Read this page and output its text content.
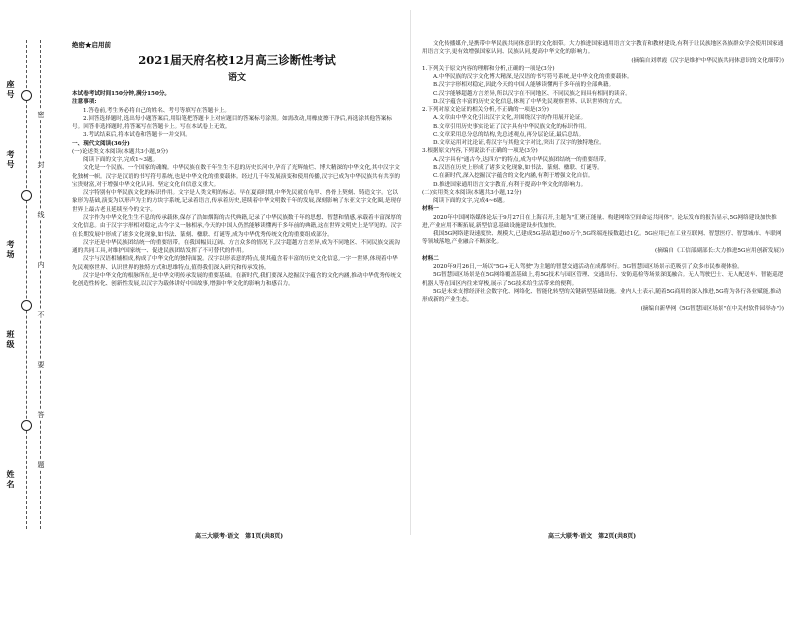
姓名
班级
考场
考号
座号
密
封
线
内
不
要
答
题
绝密★启用前
2021届天府名校12月高三诊断性考试
语文

本试卷考试时间150分钟,满分150分。

注意事项:

1.答卷前,考生务必将自己的姓名、考号等填写在答题卡上。

2.回答选择题时,选出每小题答案后,用铅笔把答题卡上对应题目的答案标号涂黑。如需改动,用橡皮擦干净后,再选涂其他答案标号。回答非选择题时,将答案写在答题卡上。写在本试卷上无效。

3.考试结束后,将本试卷和答题卡一并交回。

一、现代文阅读(36分)

(一)论述类文本阅读(本题共3小题,9分)

阅读下面的文字,完成1~3题。

文化是一个民族、一个国家的魂魄。中华民族在数千年生生不息的历史长河中,孕育了光辉灿烂、博大精深的中华文化,其中汉字文化独树一帜。汉字是汉语的书写符号系统,也是中华文化的重要载体。经过几千年发展演变和使用传播,汉字已成为中华民族共有共享的宝贵财富,对于增强中华文化认同、坚定文化自信意义重大。

汉字特别有中华民族文化的标识作用。文字是人类文明的标志。早在夏商时期,中华先民就在龟甲、兽骨上契刻、铸造文字。它以象形为基础,演变为以形声为主的方块字系统,记录着语言,传承着历史,延续着中华文明数千年的发展,深刻影响了东亚文字文化圈,是现存世界上最古老且延续至今的文字。

汉字作为中华文化生生不息的传承载体,保存了浩如烟海的古代典籍,记录了中华民族数千年的思想、智慧和情感,承载着丰富深厚的文化信息。由于汉字字形相对稳定,古今字义一脉相承,今天的中国人仍然能够读懂两千多年前的典籍,这在世界文明史上是罕见的。汉字在长期发展中形成了诸多文化现象,如书法、篆刻、楹联、灯谜等,成为中华优秀传统文化的重要组成部分。

汉字还是中华民族团结统一的重要纽带。在我国幅员辽阔、方言众多的情况下,汉字超越方言差异,成为不同地区、不同民族交流沟通的共同工具,对维护国家统一、促进民族团结发挥了不可替代的作用。

汉字与汉语相辅相成,构成了中华文化的独特面貌。汉字以形表意的特点,使其蕴含着丰富的历史文化信息,一字一世界,体现着中华先民观察世界、认识世界的独特方式和思维特点,值得我们深入研究和传承发扬。

汉字是中华文化的根脉所在,是中华文明传承发展的重要基础。在新时代,我们要深入挖掘汉字蕴含的文化内涵,推动中华优秀传统文化创造性转化、创新性发展,以汉字为载体讲好中国故事,增强中华文化的影响力和感召力。

文化传播媒介,是携带中华民族共同体意识的文化细带。大力推进国家通用语言文字教育和教材建设,有利于让民族地区各族群众学会使用国家通用语言文字,更有效增强国家认同、民族认同,提高中华文化的影响力。

(摘编自刘翠霞《汉字是维护中华民族共同体意识的文化细带》)

1.下列关于原文内容的理解和分析,正确的一项是(3分)

A.中华民族的汉字文化博大精深,是汉语的书写符号系统,是中华文化的重要载体。

B.汉字字形相对稳定,因此今天的中国人能够读懂两千多年前的全部典籍。

C.汉字能够超越方言差异,所以汉字在不同地区、不同民族之间具有相同的读音。

D.汉字蕴含丰富的历史文化信息,体现了中华先民观察世界、认识世界的方式。

2.下列对原文论证的相关分析,不正确的一项是(3分)

A.文章由中华文化引出汉字文化,并围绕汉字的作用展开论证。

B.文章引用历史事实论证了汉字具有中华民族文化的标识作用。

C.文章采用总分总的结构,先总述观点,再分层论证,最后总结。

D.文章运用对比论证,将汉字与其他文字对比,突出了汉字的独特地位。

3.根据原文内容,下列说法不正确的一项是(3分)

A.汉字具有"通古今,达四方"的特点,成为中华民族团结统一的重要纽带。

B.汉语在历史上形成了诸多文化现象,如书法、篆刻、楹联、灯谜等。

C.在新时代,深入挖掘汉字蕴含的文化内涵,有利于增强文化自信。

D.推进国家通用语言文字教育,有利于提高中华文化的影响力。

(二)实用类文本阅读(本题共3小题,12分)

阅读下面的文字,完成4~6题。

材料一

2020年中国网络媒体论坛于9月27日在上海召开,主题为"汇聚正能量、构建网络空间命运共同体"。论坛发布的报告显示,5G网络建设加快推进,产业应用不断拓展,新型信息基础设施建设步伐加快。

我国5G网络建设速度快、规模大,已建成5G基站超过60万个,5G终端连接数超过1亿。5G应用已在工业互联网、智慧医疗、智慧城市、车联网等领域落地,产业融合不断深化。

(摘编自《工信部副部长:大力推进5G应用创新发展》)

材料二

2020年9月26日,一场以"5G+无人驾驶"为主题的智慧交通活动在成都举行。5G智慧园区场景示范吸引了众多市民参观体验。

5G智慧园区场景是在5G网络覆盖基础上,将5G技术与园区管理、交通出行、安防巡检等场景深度融合。无人驾驶巴士、无人配送车、智能巡逻机器人等在园区内往来穿梭,展示了5G技术给生活带来的便利。

5G是未来支撑经济社会数字化、网络化、智能化转型的关键新型基础设施。业内人士表示,随着5G商用的深入推进,5G将为各行各业赋能,推动形成新的产业生态。

(摘编自新华网《5G智慧园区场景"在中关村软件园举办"》)

高三大联考·语文　第1页(共8页)	高三大联考·语文　第2页(共8页)
